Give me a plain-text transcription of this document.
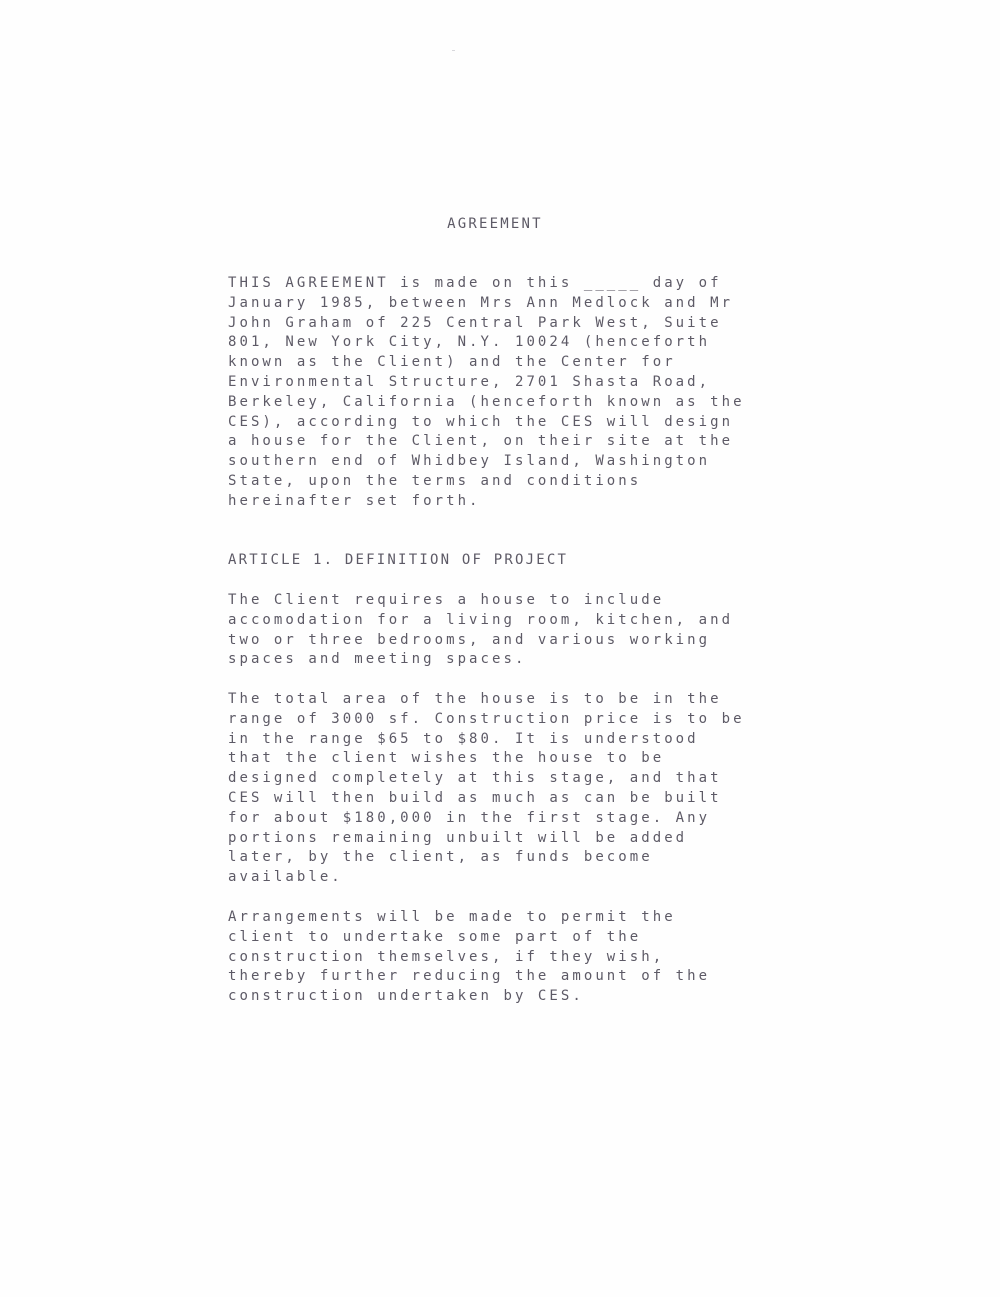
AGREEMENT
THIS AGREEMENT is made on this _____ day of
January 1985, between Mrs Ann Medlock and Mr
John Graham of 225 Central Park West, Suite
801, New York City, N.Y. 10024 (henceforth
known as the Client) and the Center for
Environmental Structure, 2701 Shasta Road,
Berkeley, California (henceforth known as the
CES), according to which the CES will design
a house for the Client, on their site at the
southern end of Whidbey Island, Washington
State, upon the terms and conditions
hereinafter set forth.
ARTICLE 1. DEFINITION OF PROJECT
The Client requires a house to include
accomodation for a living room, kitchen, and
two or three bedrooms, and various working
spaces and meeting spaces.
The total area of the house is to be in the
range of 3000 sf. Construction price is to be
in the range $65 to $80. It is understood
that the client wishes the house to be
designed completely at this stage, and that
CES will then build as much as can be built
for about $180,000 in the first stage. Any
portions remaining unbuilt will be added
later, by the client, as funds become
available.
Arrangements will be made to permit the
client to undertake some part of the
construction themselves, if they wish,
thereby further reducing the amount of the
construction undertaken by CES.
